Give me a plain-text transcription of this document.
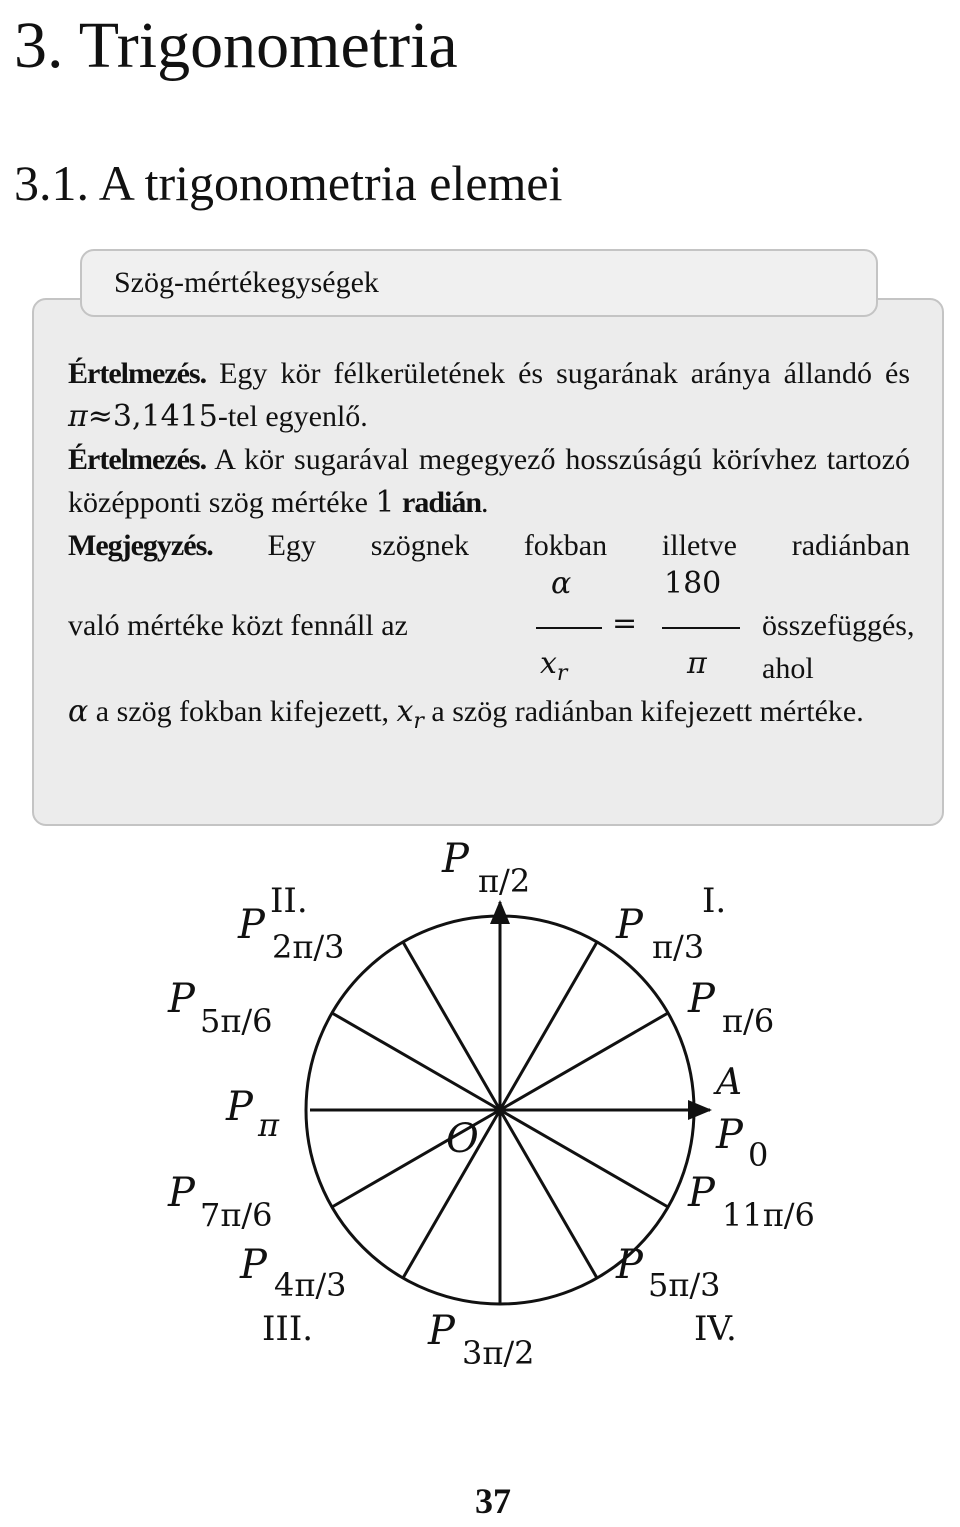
3. Trigonometria
3.1. A trigonometria elemei
Szög-mértékegységek

Értelmezés. Egy kör félkerületének és sugarának aránya állandó és π≈3,1415-tel egyenlő.

Értelmezés. A kör sugarával megegyező hosszúságú körívhez tartozó középponti szög mértéke 1 radián.

Megjegyzés. Egy szögnek fokban illetve radiánban

való mértéke közt fennáll az

α
$x_r$
=
180
π

összefüggés, ahol

α a szög fokban kifejezett, $x_r$ a szög radiánban kifejezett mértéke.

II.	I.
III.	IV.
O
A
P π/2
P π/3
P π/6
P 0
P 11π/6
P 5π/3
P 3π/2
P 4π/3
P 7π/6
P π
P 5π/6
P 2π/3
37
